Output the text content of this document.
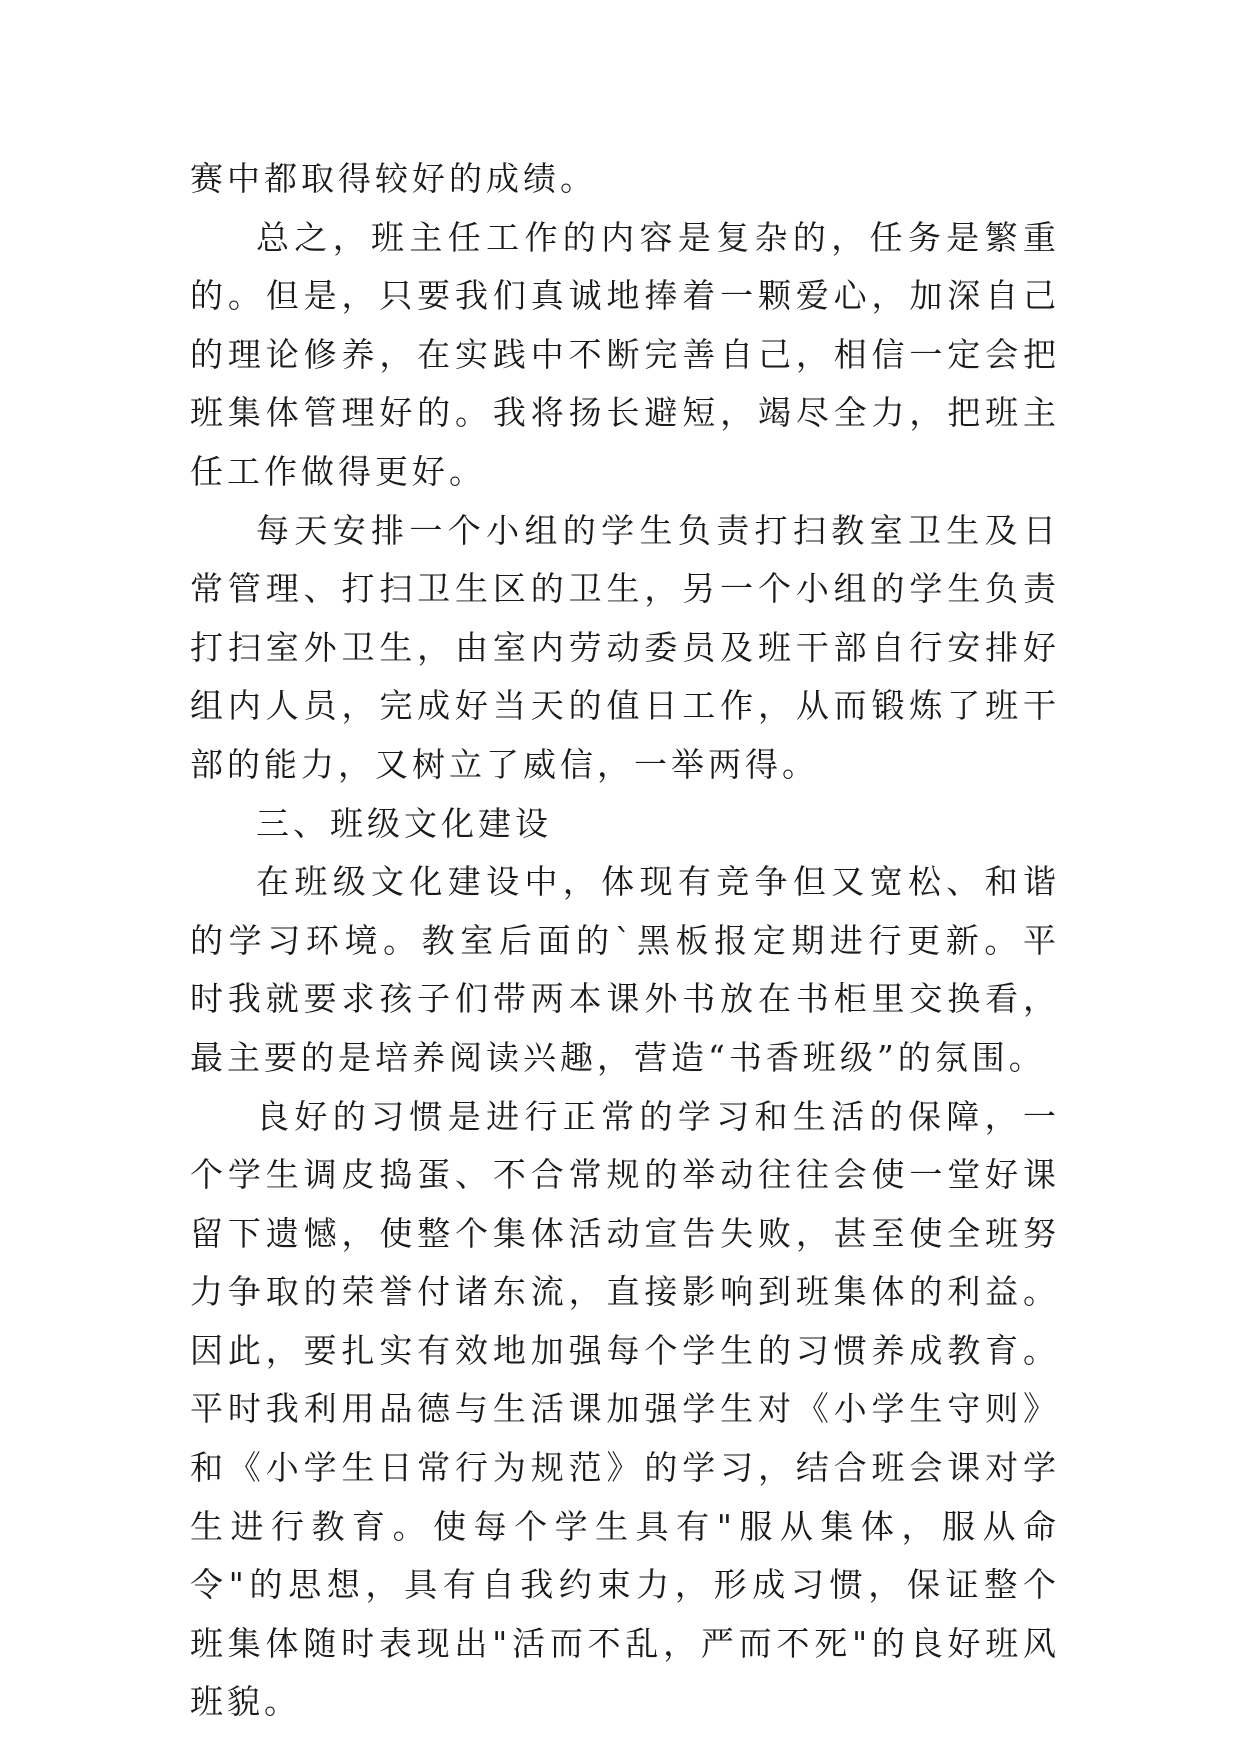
赛中都取得较好的成绩。

总之，班主任工作的内容是复杂的，任务是繁重的。但是，只要我们真诚地捧着一颗爱心，加深自己的理论修养，在实践中不断完善自己，相信一定会把班集体管理好的。我将扬长避短，竭尽全力，把班主任工作做得更好。

每天安排一个小组的学生负责打扫教室卫生及日常管理、打扫卫生区的卫生，另一个小组的学生负责打扫室外卫生，由室内劳动委员及班干部自行安排好组内人员，完成好当天的值日工作，从而锻炼了班干部的能力，又树立了威信，一举两得。

三、班级文化建设

在班级文化建设中，体现有竞争但又宽松、和谐的学习环境。教室后面的`黑板报定期进行更新。平时我就要求孩子们带两本课外书放在书柜里交换看，最主要的是培养阅读兴趣，营造“书香班级”的氛围。

良好的习惯是进行正常的学习和生活的保障，一个学生调皮捣蛋、不合常规的举动往往会使一堂好课留下遗憾，使整个集体活动宣告失败，甚至使全班努力争取的荣誉付诸东流，直接影响到班集体的利益。因此，要扎实有效地加强每个学生的习惯养成教育。平时我利用品德与生活课加强学生对《小学生守则》和《小学生日常行为规范》的学习，结合班会课对学生进行教育。使每个学生具有"服从集体，服从命令"的思想，具有自我约束力，形成习惯，保证整个班集体随时表现出"活而不乱，严而不死"的良好班风班貌。
